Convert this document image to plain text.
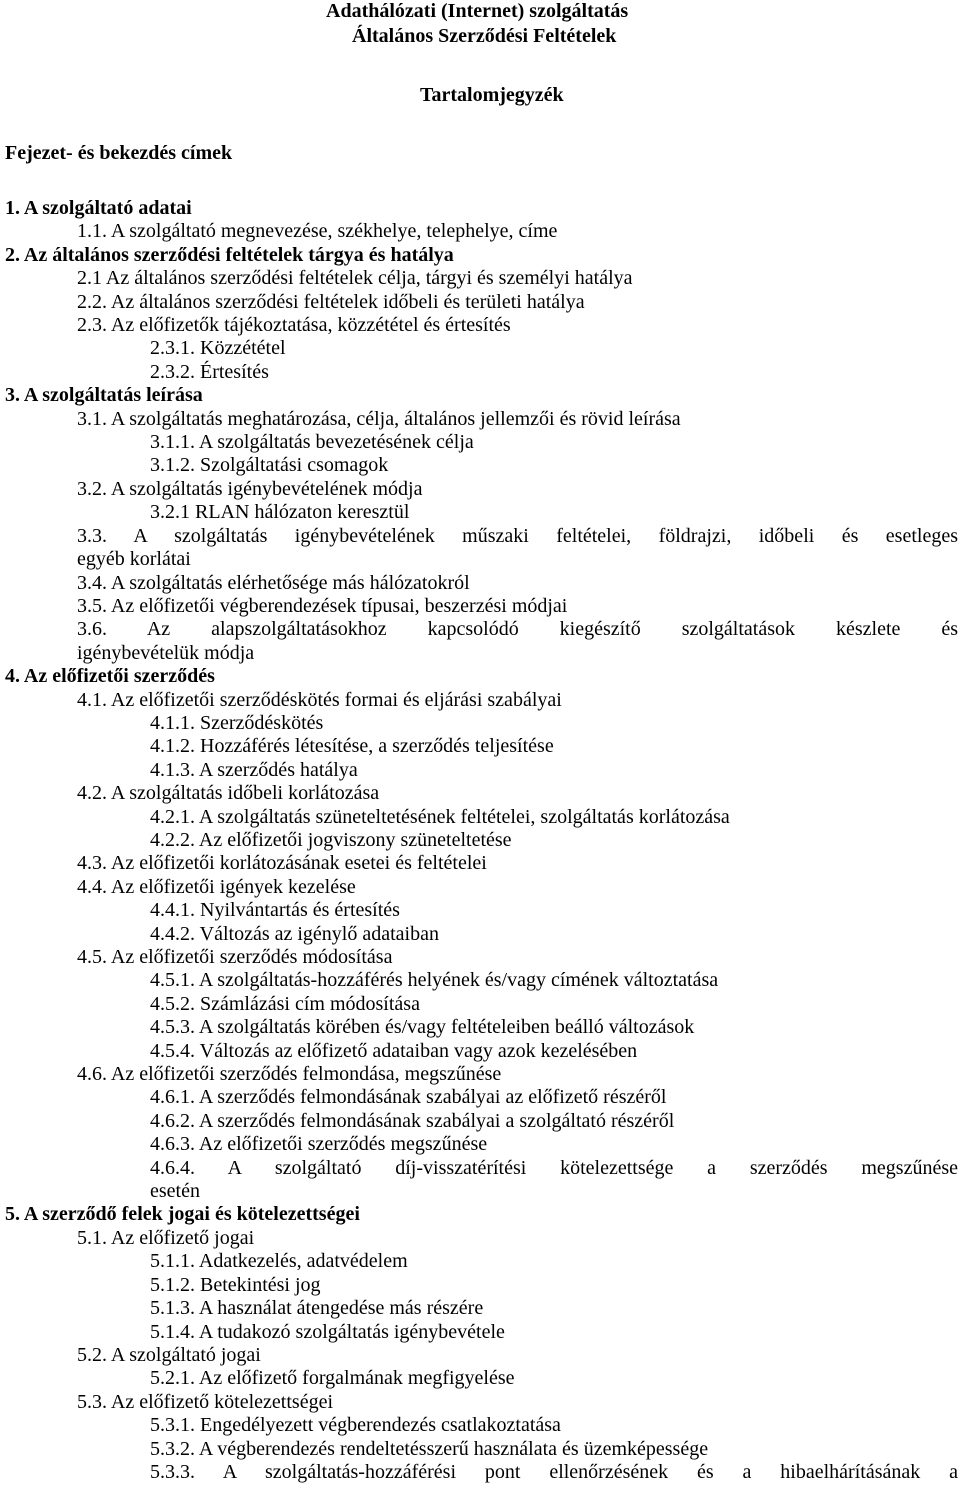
Adathálózati (Internet) szolgáltatás
Általános Szerződési Feltételek
Tartalomjegyzék
Fejezet- és bekezdés címek
1. A szolgáltató adatai
1.1. A szolgáltató megnevezése, székhelye, telephelye, címe
2. Az általános szerződési feltételek tárgya és hatálya
2.1 Az általános szerződési feltételek célja, tárgyi és személyi hatálya
2.2. Az általános szerződési feltételek időbeli és területi hatálya
2.3. Az előfizetők tájékoztatása, közzététel és értesítés
2.3.1. Közzététel
2.3.2. Értesítés
3. A szolgáltatás leírása
3.1. A szolgáltatás meghatározása, célja, általános jellemzői és rövid leírása
3.1.1. A szolgáltatás bevezetésének célja
3.1.2. Szolgáltatási csomagok
3.2. A szolgáltatás igénybevételének módja
3.2.1 RLAN hálózaton keresztül
3.3. A szolgáltatás igénybevételének műszaki feltételei, földrajzi, időbeli és esetleges
egyéb korlátai
3.4. A szolgáltatás elérhetősége más hálózatokról
3.5. Az előfizetői végberendezések típusai, beszerzési módjai
3.6. Az alapszolgáltatásokhoz kapcsolódó kiegészítő szolgáltatások készlete és
igénybevételük módja
4. Az előfizetői szerződés
4.1. Az előfizetői szerződéskötés formai és eljárási szabályai
4.1.1. Szerződéskötés
4.1.2. Hozzáférés létesítése, a szerződés teljesítése
4.1.3. A szerződés hatálya
4.2. A szolgáltatás időbeli korlátozása
4.2.1. A szolgáltatás szüneteltetésének feltételei, szolgáltatás korlátozása
4.2.2. Az előfizetői jogviszony szüneteltetése
4.3. Az előfizetői korlátozásának esetei és feltételei
4.4. Az előfizetői igények kezelése
4.4.1. Nyilvántartás és értesítés
4.4.2. Változás az igénylő adataiban
4.5. Az előfizetői szerződés módosítása
4.5.1. A szolgáltatás-hozzáférés helyének és/vagy címének változtatása
4.5.2. Számlázási cím módosítása
4.5.3. A szolgáltatás körében és/vagy feltételeiben beálló változások
4.5.4. Változás az előfizető adataiban vagy azok kezelésében
4.6. Az előfizetői szerződés felmondása, megszűnése
4.6.1. A szerződés felmondásának szabályai az előfizető részéről
4.6.2. A szerződés felmondásának szabályai a szolgáltató részéről
4.6.3. Az előfizetői szerződés megszűnése
4.6.4. A szolgáltató díj-visszatérítési kötelezettsége a szerződés megszűnése
esetén
5. A szerződő felek jogai és kötelezettségei
5.1. Az előfizető jogai
5.1.1. Adatkezelés, adatvédelem
5.1.2. Betekintési jog
5.1.3. A használat átengedése más részére
5.1.4. A tudakozó szolgáltatás igénybevétele
5.2. A szolgáltató jogai
5.2.1. Az előfizető forgalmának megfigyelése
5.3. Az előfizető kötelezettségei
5.3.1. Engedélyezett végberendezés csatlakoztatása
5.3.2. A végberendezés rendeltetésszerű használata és üzemképessége
5.3.3. A szolgáltatás-hozzáférési pont ellenőrzésének és a hibaelhárításának a
